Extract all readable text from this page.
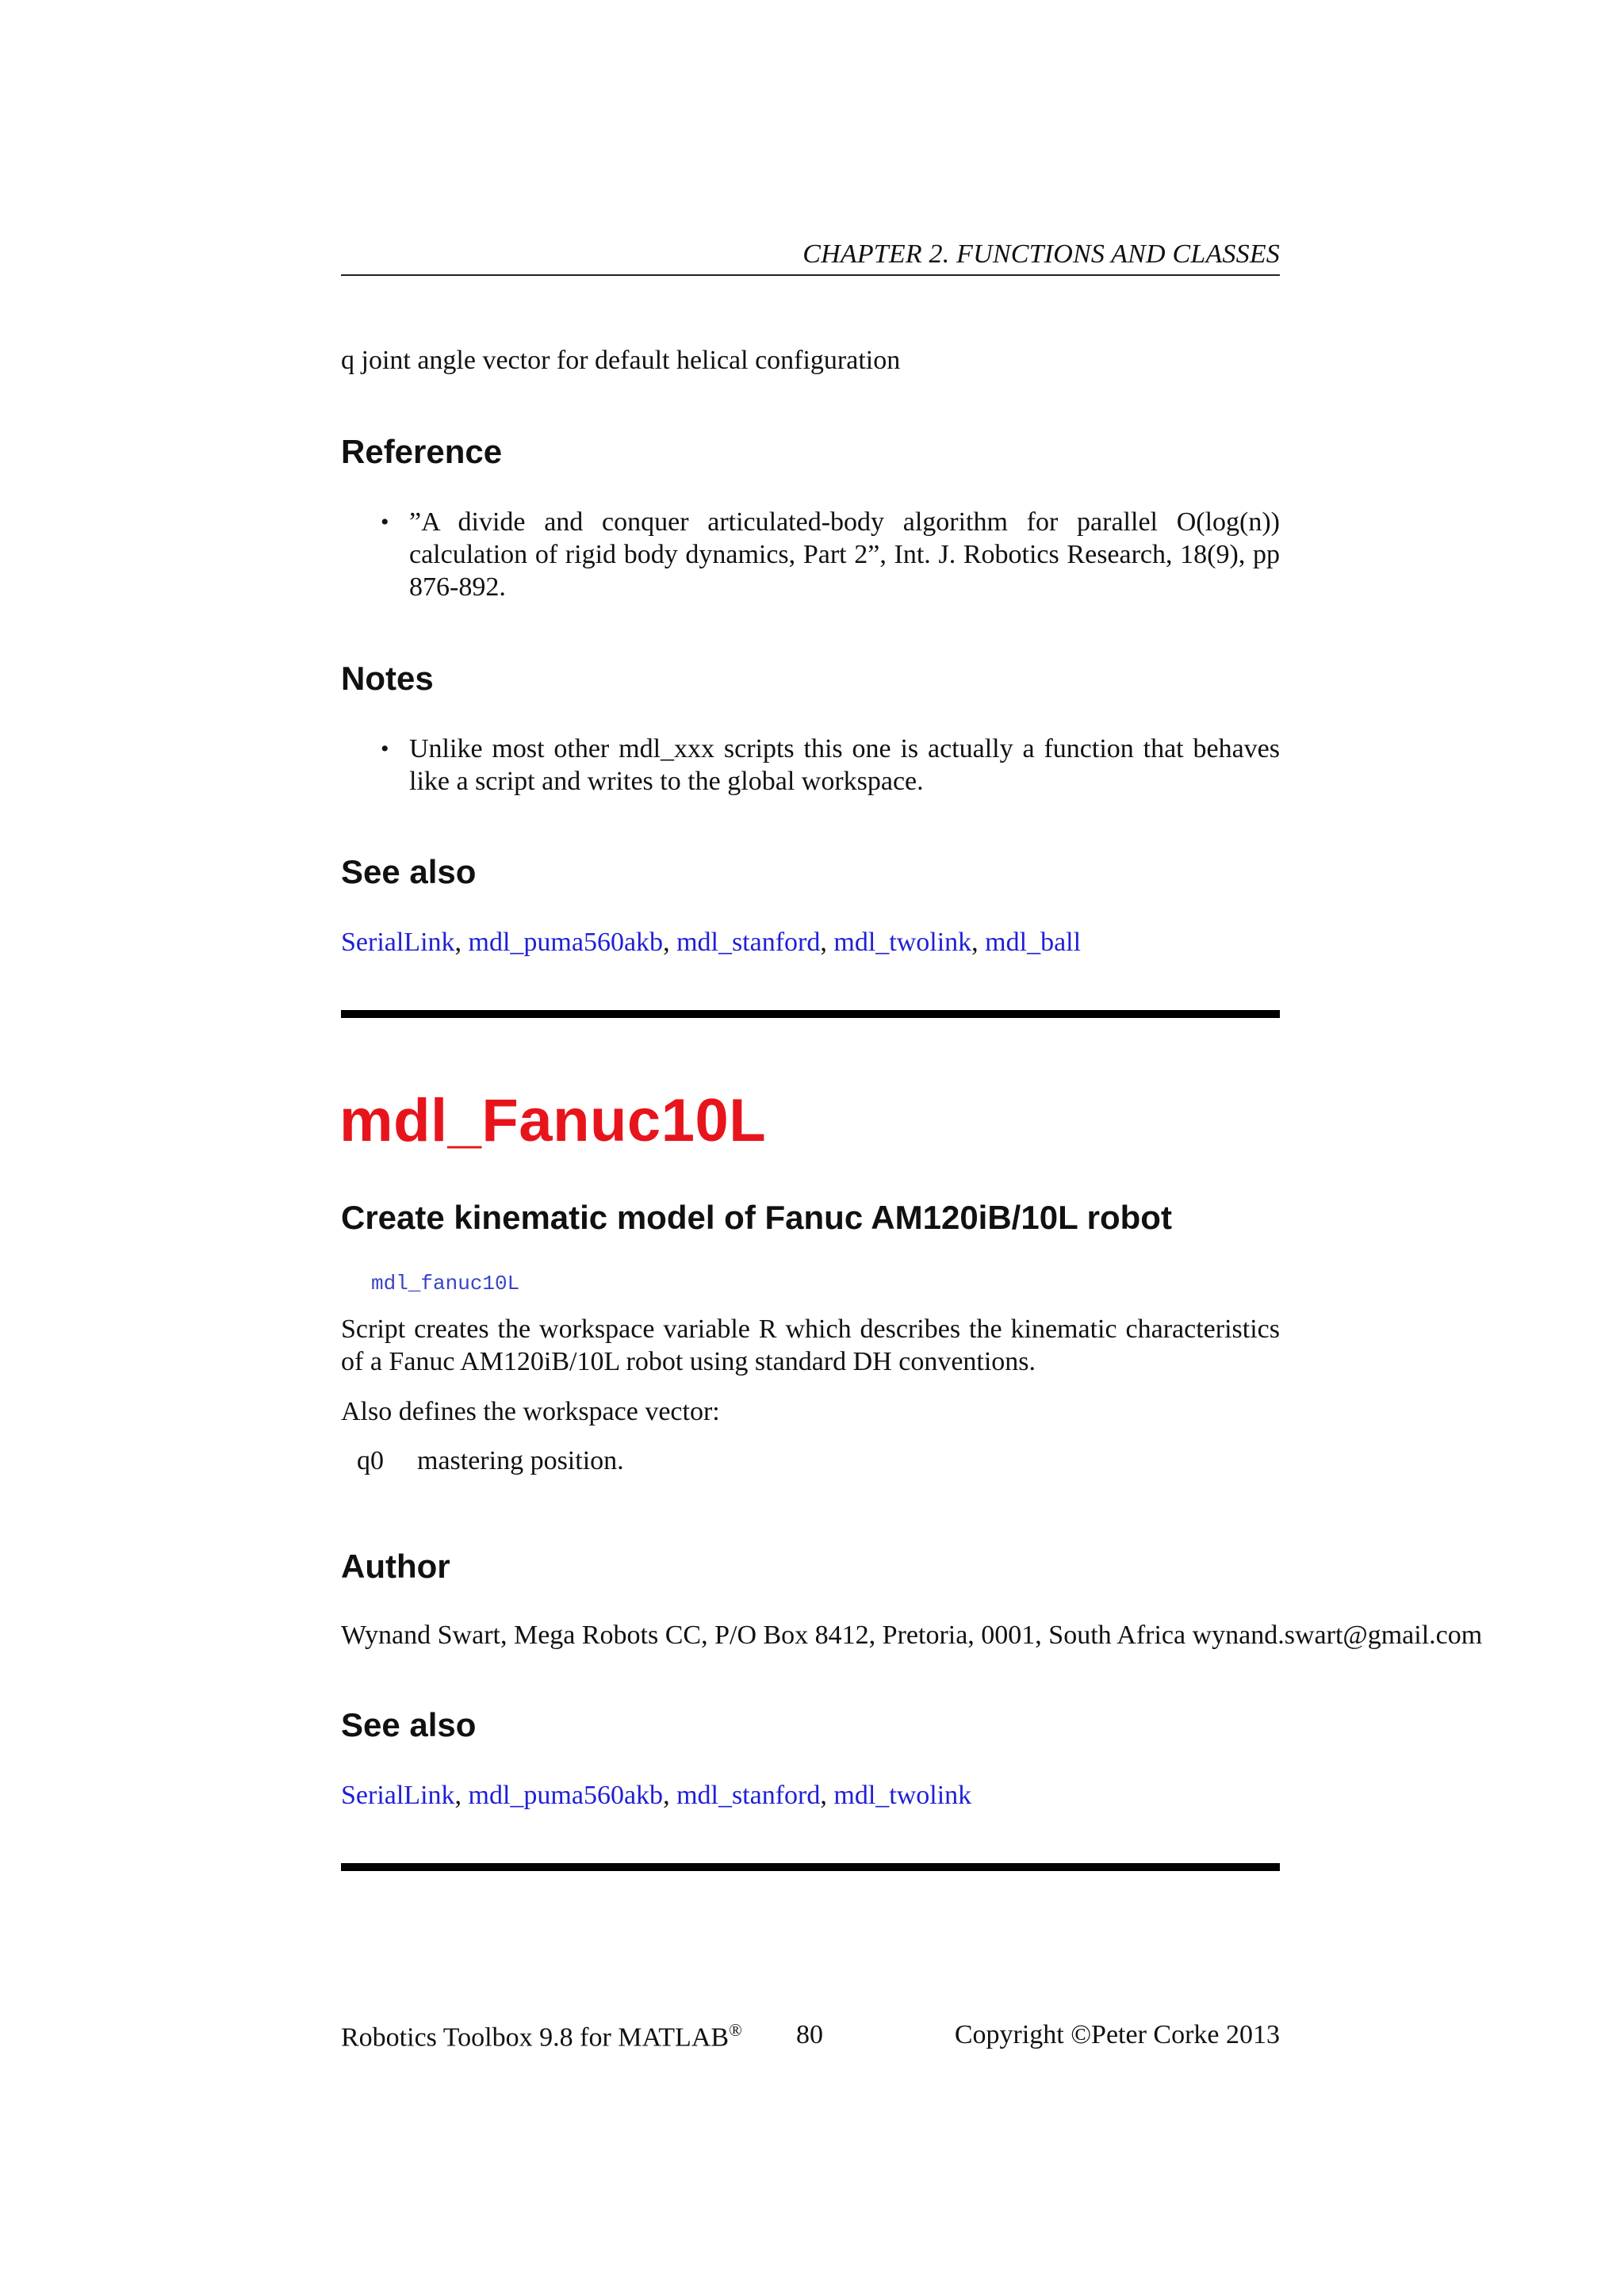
CHAPTER 2. FUNCTIONS AND CLASSES
q joint angle vector for default helical configuration
Reference
• ”A divide and conquer articulated-body algorithm for parallel O(log(n)) calculation of rigid body dynamics, Part 2”, Int. J. Robotics Research, 18(9), pp 876-892.
Notes
• Unlike most other mdl_xxx scripts this one is actually a function that behaves like a script and writes to the global workspace.
See also
SerialLink, mdl_puma560akb, mdl_stanford, mdl_twolink, mdl_ball
mdl_Fanuc10L
Create kinematic model of Fanuc AM120iB/10L robot
mdl_fanuc10L
Script creates the workspace variable R which describes the kinematic characteristics of a Fanuc AM120iB/10L robot using standard DH conventions.
Also defines the workspace vector:
q0 mastering position.
Author
Wynand Swart, Mega Robots CC, P/O Box 8412, Pretoria, 0001, South Africa wynand.swart@gmail.com
See also
SerialLink, mdl_puma560akb, mdl_stanford, mdl_twolink
Robotics Toolbox 9.8 for MATLAB® 80	Copyright ©Peter Corke 2013
